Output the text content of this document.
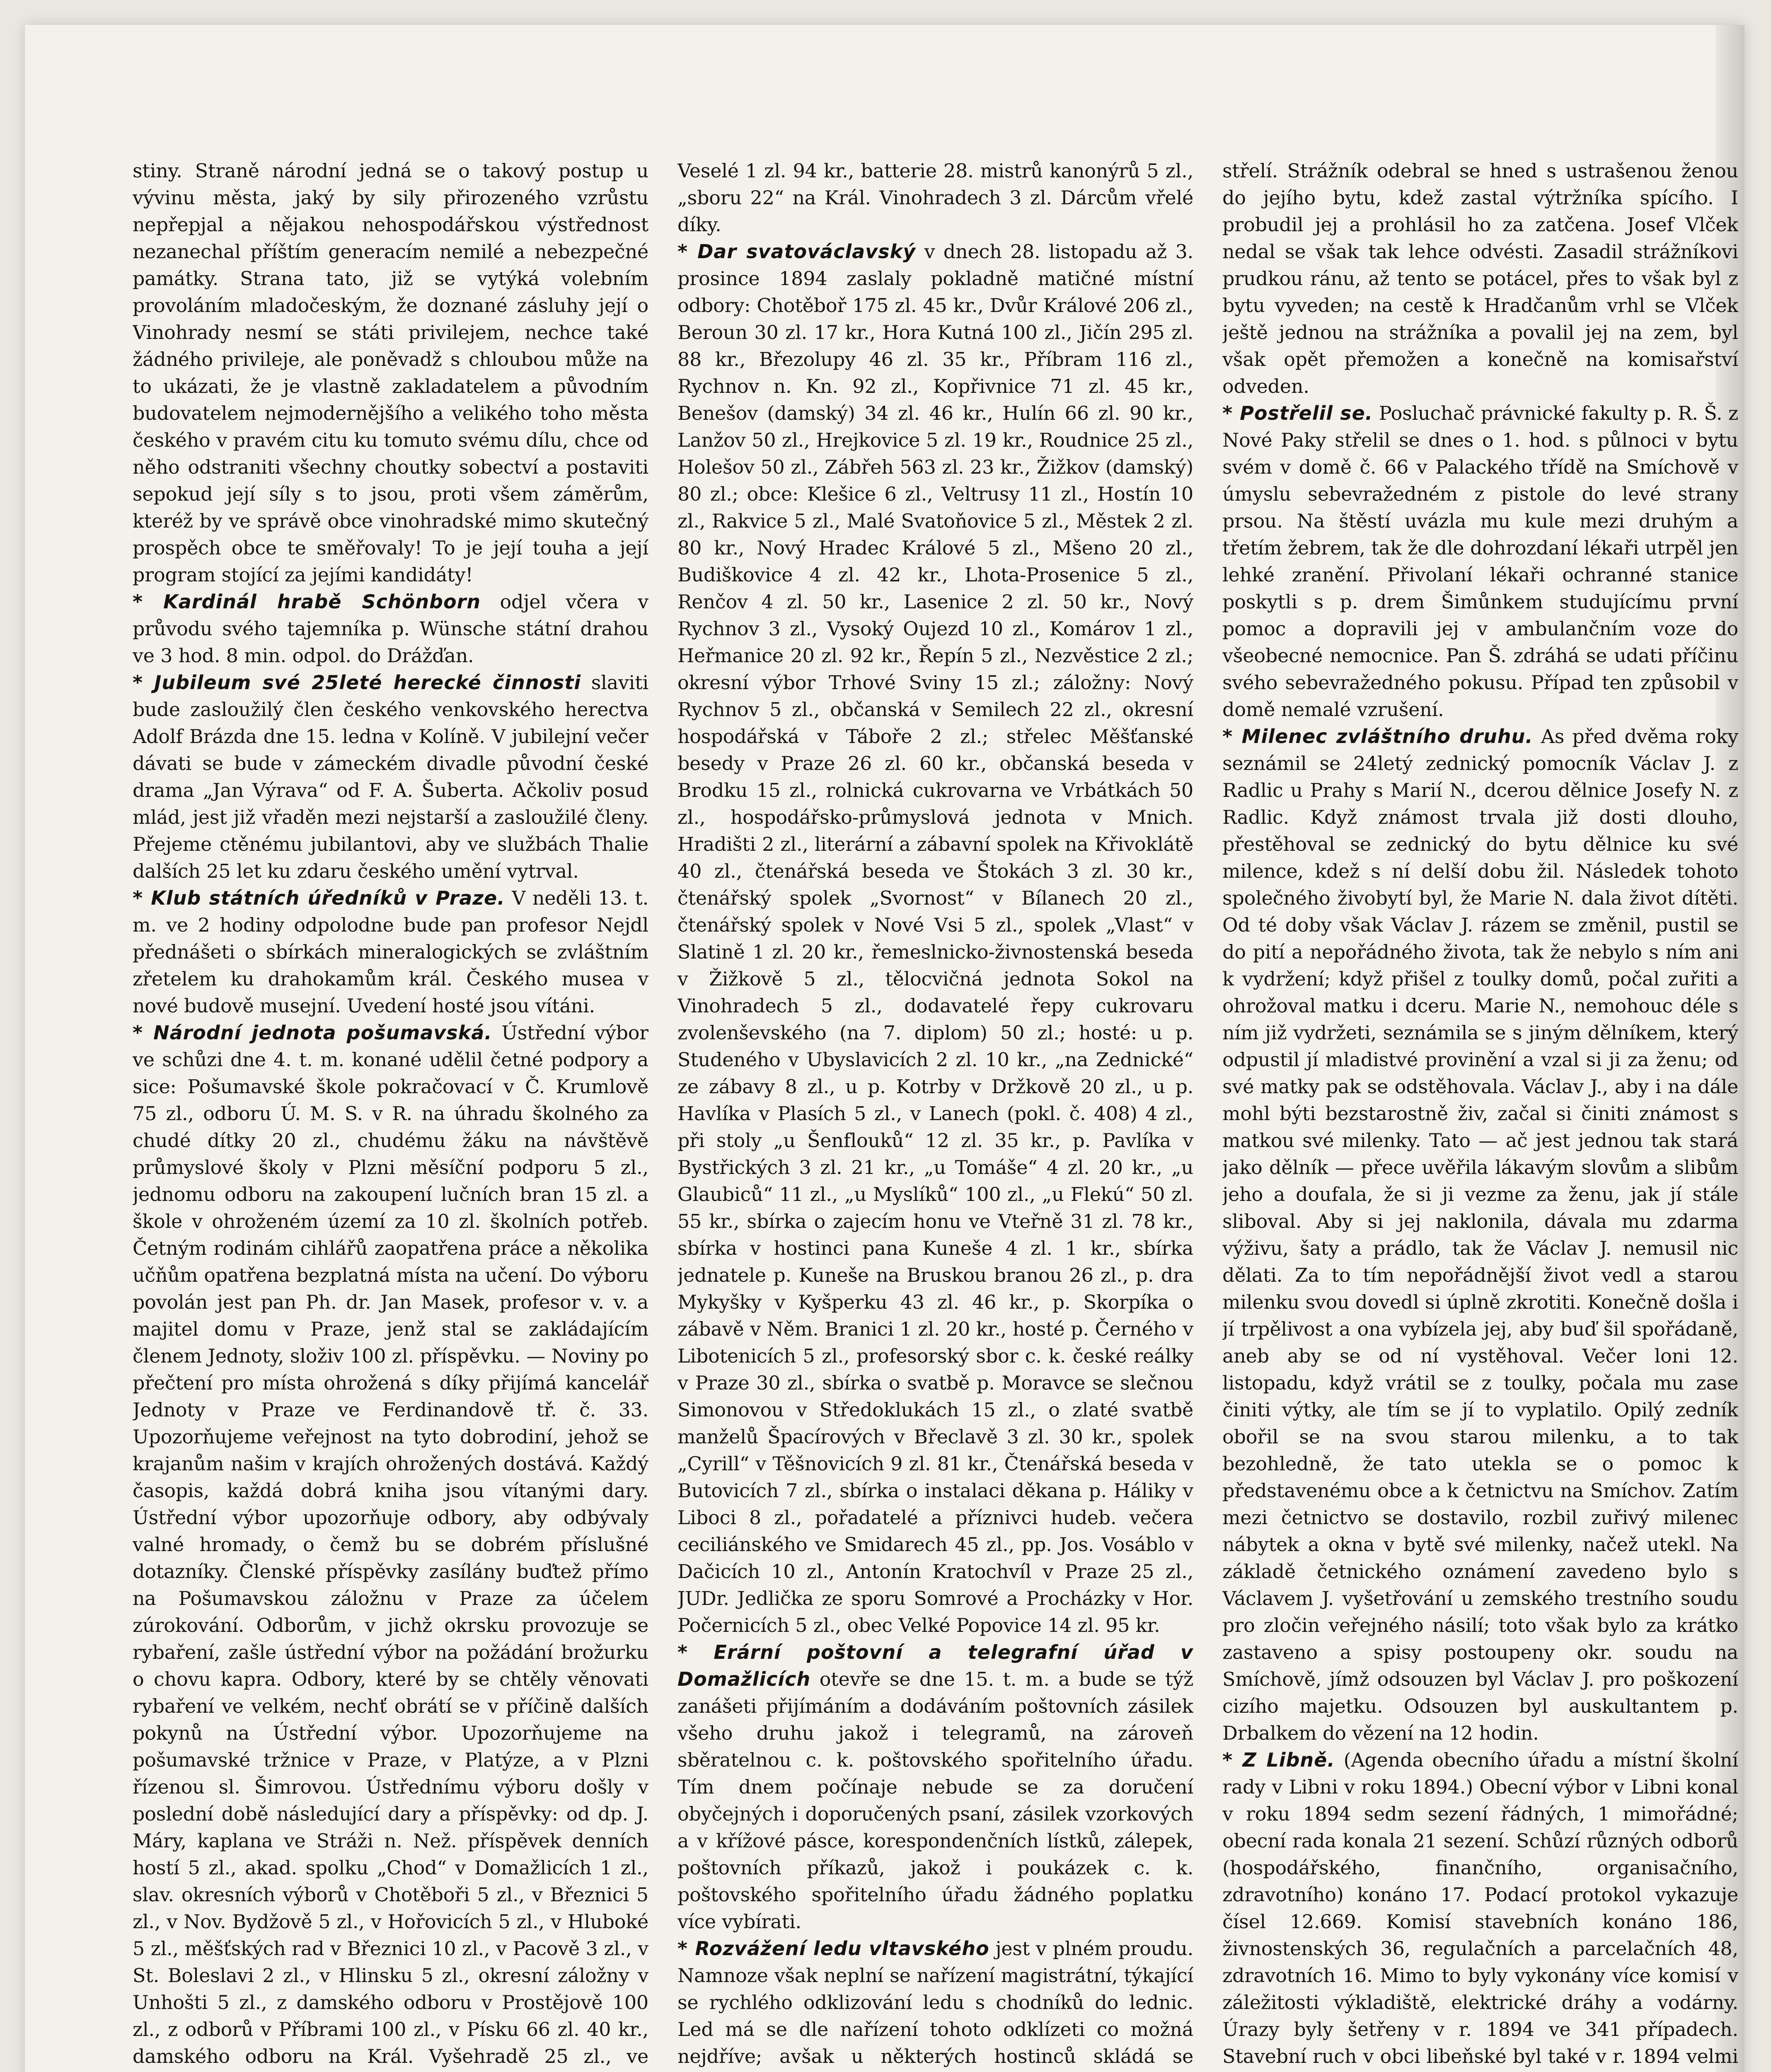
stiny. Straně národní jedná se o takový postup u vývinu města, jaký by sily přirozeného vzrůstu nepřepjal a nějakou nehospodářskou výstřednost nezanechal příštím generacím nemilé a nebezpečné památky. Strana tato, již se vytýká volebním provoláním mladočeským, že doznané zásluhy její o Vinohrady nesmí se státi privilejem, nechce také žádného privileje, ale poněvadž s chloubou může na to ukázati, že je vlastně zakladatelem a původním budovatelem nejmodernějšího a velikého toho města českého v pravém citu ku tomuto svému dílu, chce od něho odstraniti všechny choutky sobectví a postaviti sepokud její síly s to jsou, proti všem záměrům, kteréž by ve správě obce vinohradské mimo skutečný prospěch obce te směřovaly! To je její touha a její program stojící za jejími kandidáty!

* Kardinál hrabě Schönborn odjel včera v průvodu svého tajemníka p. Wünsche státní drahou ve 3 hod. 8 min. odpol. do Drážďan.

* Jubileum své 25leté herecké činnosti slaviti bude zasloužilý člen českého venkovského herectva Adolf Brázda dne 15. ledna v Kolíně. V jubilejní večer dávati se bude v zámeckém divadle původní české drama „Jan Výrava“ od F. A. Šuberta. Ačkoliv posud mlád, jest již vřaděn mezi nejstarší a zasloužilé členy. Přejeme ctěnému jubilantovi, aby ve službách Thalie dalších 25 let ku zdaru českého umění vytrval.

* Klub státních úředníků v Praze. V neděli 13. t. m. ve 2 hodiny odpolodne bude pan profesor Nejdl přednášeti o sbírkách mineralogických se zvláštním zřetelem ku drahokamům král. Českého musea v nové budově musejní. Uvedení hosté jsou vítáni.

* Národní jednota pošumavská. Ústřední výbor ve schůzi dne 4. t. m. konané udělil četné podpory a sice: Pošumavské škole pokračovací v Č. Krumlově 75 zl., odboru Ú. M. S. v R. na úhradu školného za chudé dítky 20 zl., chudému žáku na návštěvě průmyslové školy v Plzni měsíční podporu 5 zl., jednomu odboru na zakoupení lučních bran 15 zl. a škole v ohroženém území za 10 zl. školních potřeb. Četným rodinám cihlářů zaopatřena práce a několika učňům opatřena bezplatná místa na učení. Do výboru povolán jest pan Ph. dr. Jan Masek, profesor v. v. a majitel domu v Praze, jenž stal se zakládajícím členem Jednoty, složiv 100 zl. příspěvku. — Noviny po přečtení pro místa ohrožená s díky přijímá kancelář Jednoty v Praze ve Ferdinandově tř. č. 33. Upozorňujeme veřejnost na tyto dobrodiní, jehož se krajanům našim v krajích ohrožených dostává. Každý časopis, každá dobrá kniha jsou vítanými dary. Ústřední výbor upozorňuje odbory, aby odbývaly valné hromady, o čemž bu se dobrém příslušné dotazníky. Členské příspěvky zasílány buďtež přímo na Pošumavskou záložnu v Praze za účelem zúrokování. Odborům, v jichž okrsku provozuje se rybaření, zašle ústřední výbor na požádání brožurku o chovu kapra. Odbory, které by se chtěly věnovati rybaření ve velkém, nechť obrátí se v příčině dalších pokynů na Ústřední výbor. Upozorňujeme na pošumavské tržnice v Praze, v Platýze, a v Plzni řízenou sl. Šimrovou. Ústřednímu výboru došly v poslední době následující dary a příspěvky: od dp. J. Máry, kaplana ve Stráži n. Než. příspěvek denních hostí 5 zl., akad. spolku „Chod“ v Domažlicích 1 zl., slav. okresních výborů v Chotěboři 5 zl., v Březnici 5 zl., v Nov. Bydžově 5 zl., v Hořovicích 5 zl., v Hluboké 5 zl., měšťských rad v Březnici 10 zl., v Pacově 3 zl., v St. Boleslavi 2 zl., v Hlinsku 5 zl., okresní záložny v Unhošti 5 zl., z damského odboru v Prostějově 100 zl., z odborů v Příbrami 100 zl., v Písku 66 zl. 40 kr., damského odboru na Král. Vyšehradě 25 zl., ve

Veselé 1 zl. 94 kr., batterie 28. mistrů kanonýrů 5 zl., „sboru 22“ na Král. Vinohradech 3 zl. Dárcům vřelé díky.

* Dar svatováclavský v dnech 28. listopadu až 3. prosince 1894 zaslaly pokladně matičné místní odbory: Chotěboř 175 zl. 45 kr., Dvůr Králové 206 zl., Beroun 30 zl. 17 kr., Hora Kutná 100 zl., Jičín 295 zl. 88 kr., Březolupy 46 zl. 35 kr., Příbram 116 zl., Rychnov n. Kn. 92 zl., Kopřivnice 71 zl. 45 kr., Benešov (damský) 34 zl. 46 kr., Hulín 66 zl. 90 kr., Lanžov 50 zl., Hrejkovice 5 zl. 19 kr., Roudnice 25 zl., Holešov 50 zl., Zábřeh 563 zl. 23 kr., Žižkov (damský) 80 zl.; obce: Klešice 6 zl., Veltrusy 11 zl., Hostín 10 zl., Rakvice 5 zl., Malé Svatoňovice 5 zl., Městek 2 zl. 80 kr., Nový Hradec Králové 5 zl., Mšeno 20 zl., Budiškovice 4 zl. 42 kr., Lhota-Prosenice 5 zl., Renčov 4 zl. 50 kr., Lasenice 2 zl. 50 kr., Nový Rychnov 3 zl., Vysoký Oujezd 10 zl., Komárov 1 zl., Heřmanice 20 zl. 92 kr., Řepín 5 zl., Nezvěstice 2 zl.; okresní výbor Trhové Sviny 15 zl.; záložny: Nový Rychnov 5 zl., občanská v Semilech 22 zl., okresní hospodářská v Táboře 2 zl.; střelec Měšťanské besedy v Praze 26 zl. 60 kr., občanská beseda v Brodku 15 zl., rolnická cukrovarna ve Vrbátkách 50 zl., hospodářsko-průmyslová jednota v Mnich. Hradišti 2 zl., literární a zábavní spolek na Křivoklátě 40 zl., čtenářská beseda ve Štokách 3 zl. 30 kr., čtenářský spolek „Svornost“ v Bílanech 20 zl., čtenářský spolek v Nové Vsi 5 zl., spolek „Vlast“ v Slatině 1 zl. 20 kr., řemeslnicko-živnostenská beseda v Žižkově 5 zl., tělocvičná jednota Sokol na Vinohradech 5 zl., dodavatelé řepy cukrovaru zvolenševského (na 7. diplom) 50 zl.; hosté: u p. Studeného v Ubyslavicích 2 zl. 10 kr., „na Zednické“ ze zábavy 8 zl., u p. Kotrby v Držkově 20 zl., u p. Havlíka v Plasích 5 zl., v Lanech (pokl. č. 408) 4 zl., při stoly „u Šenflouků“ 12 zl. 35 kr., p. Pavlíka v Bystřických 3 zl. 21 kr., „u Tomáše“ 4 zl. 20 kr., „u Glaubiců“ 11 zl., „u Myslíků“ 100 zl., „u Flekú“ 50 zl. 55 kr., sbírka o zajecím honu ve Vteřně 31 zl. 78 kr., sbírka v hostinci pana Kuneše 4 zl. 1 kr., sbírka jednatele p. Kuneše na Bruskou branou 26 zl., p. dra Mykyšky v Kyšperku 43 zl. 46 kr., p. Skorpíka o zábavě v Něm. Branici 1 zl. 20 kr., hosté p. Černého v Libotenicích 5 zl., profesorský sbor c. k. české reálky v Praze 30 zl., sbírka o svatbě p. Moravce se slečnou Simonovou v Středoklukách 15 zl., o zlaté svatbě manželů Špacírových v Břeclavě 3 zl. 30 kr., spolek „Cyrill“ v Těšnovicích 9 zl. 81 kr., Čtenářská beseda v Butovicích 7 zl., sbírka o instalaci děkana p. Háliky v Liboci 8 zl., pořadatelé a příznivci hudeb. večera ceciliánského ve Smidarech 45 zl., pp. Jos. Vosáblo v Dačicích 10 zl., Antonín Kratochvíl v Praze 25 zl., JUDr. Jedlička ze sporu Somrové a Procházky v Hor. Počernicích 5 zl., obec Velké Popovice 14 zl. 95 kr.

* Erární poštovní a telegrafní úřad v Domažlicích otevře se dne 15. t. m. a bude se týž zanášeti přijímáním a dodáváním poštovních zásilek všeho druhu jakož i telegramů, na zároveň sběratelnou c. k. poštovského spořitelního úřadu. Tím dnem počínaje nebude se za doručení obyčejných i doporučených psaní, zásilek vzorkových a v křížové pásce, korespondenčních lístků, zálepek, poštovních příkazů, jakož i poukázek c. k. poštovského spořitelního úřadu žádného poplatku více vybírati.

* Rozvážení ledu vltavského jest v plném proudu. Namnoze však neplní se nařízení magistrátní, týkající se rychlého odklizování ledu s chodníků do lednic. Led má se dle nařízení tohoto odklízeti co možná nejdříve; avšak u některých hostinců skládá se

střelí. Strážník odebral se hned s ustrašenou ženou do jejího bytu, kdež zastal výtržníka spícího. I probudil jej a prohlásil ho za zatčena. Josef Vlček nedal se však tak lehce odvésti. Zasadil strážníkovi prudkou ránu, až tento se potácel, přes to však byl z bytu vyveden; na cestě k Hradčanům vrhl se Vlček ještě jednou na strážníka a povalil jej na zem, byl však opět přemožen a konečně na komisařství odveden.

* Postřelil se. Posluchač právnické fakulty p. R. Š. z Nové Paky střelil se dnes o 1. hod. s půlnoci v bytu svém v domě č. 66 v Palackého třídě na Smíchově v úmyslu sebevražedném z pistole do levé strany prsou. Na štěstí uvázla mu kule mezi druhým a třetím žebrem, tak že dle dohrozdaní lékaři utrpěl jen lehké zranění. Přivolaní lékaři ochranné stanice poskytli s p. drem Šimůnkem studujícímu první pomoc a dopravili jej v ambulančním voze do všeobecné nemocnice. Pan Š. zdráhá se udati příčinu svého sebevražedného pokusu. Případ ten způsobil v domě nemalé vzrušení.

* Milenec zvláštního druhu. As před dvěma roky seznámil se 24letý zednický pomocník Václav J. z Radlic u Prahy s Marií N., dcerou dělnice Josefy N. z Radlic. Když známost trvala již dosti dlouho, přestěhoval se zednický do bytu dělnice ku své milence, kdež s ní delší dobu žil. Následek tohoto společného živobytí byl, že Marie N. dala život dítěti. Od té doby však Václav J. rázem se změnil, pustil se do pití a nepořádného života, tak že nebylo s ním ani k vydržení; když přišel z toulky domů, počal zuřiti a ohrožoval matku i dceru. Marie N., nemohouc déle s ním již vydržeti, seznámila se s jiným dělníkem, který odpustil jí mladistvé provinění a vzal si ji za ženu; od své matky pak se odstěhovala. Václav J., aby i na dále mohl býti bezstarostně živ, začal si činiti známost s matkou své milenky. Tato — ač jest jednou tak stará jako dělník — přece uvěřila lákavým slovům a slibům jeho a doufala, že si ji vezme za ženu, jak jí stále sliboval. Aby si jej naklonila, dávala mu zdarma výživu, šaty a prádlo, tak že Václav J. nemusil nic dělati. Za to tím nepořádnější život vedl a starou milenku svou dovedl si úplně zkrotiti. Konečně došla i jí trpělivost a ona vybízela jej, aby buď šil spořádaně, aneb aby se od ní vystěhoval. Večer loni 12. listopadu, když vrátil se z toulky, počala mu zase činiti výtky, ale tím se jí to vyplatilo. Opilý zedník obořil se na svou starou milenku, a to tak bezohledně, že tato utekla se o pomoc k představenému obce a k četnictvu na Smíchov. Zatím mezi četnictvo se dostavilo, rozbil zuřivý milenec nábytek a okna v bytě své milenky, načež utekl. Na základě četnického oznámení zavedeno bylo s Václavem J. vyšetřování u zemského trestního soudu pro zločin veřejného násilí; toto však bylo za krátko zastaveno a spisy postoupeny okr. soudu na Smíchově, jímž odsouzen byl Václav J. pro poškození cizího majetku. Odsouzen byl auskultantem p. Drbalkem do vězení na 12 hodin.

* Z Libně. (Agenda obecního úřadu a místní školní rady v Libni v roku 1894.) Obecní výbor v Libni konal v roku 1894 sedm sezení řádných, 1 mimořádné; obecní rada konala 21 sezení. Schůzí různých odborů (hospodářského, finančního, organisačního, zdravotního) konáno 17. Podací protokol vykazuje čísel 12.669. Komisí stavebních konáno 186, živnostenských 36, regulačních a parcelačních 48, zdravotních 16. Mimo to byly vykonány více komisí v záležitosti výkladiště, elektrické dráhy a vodárny. Úrazy byly šetřeny v r. 1894 ve 341 případech. Stavební ruch v obci libeňské byl také v r. 1894 velmi
